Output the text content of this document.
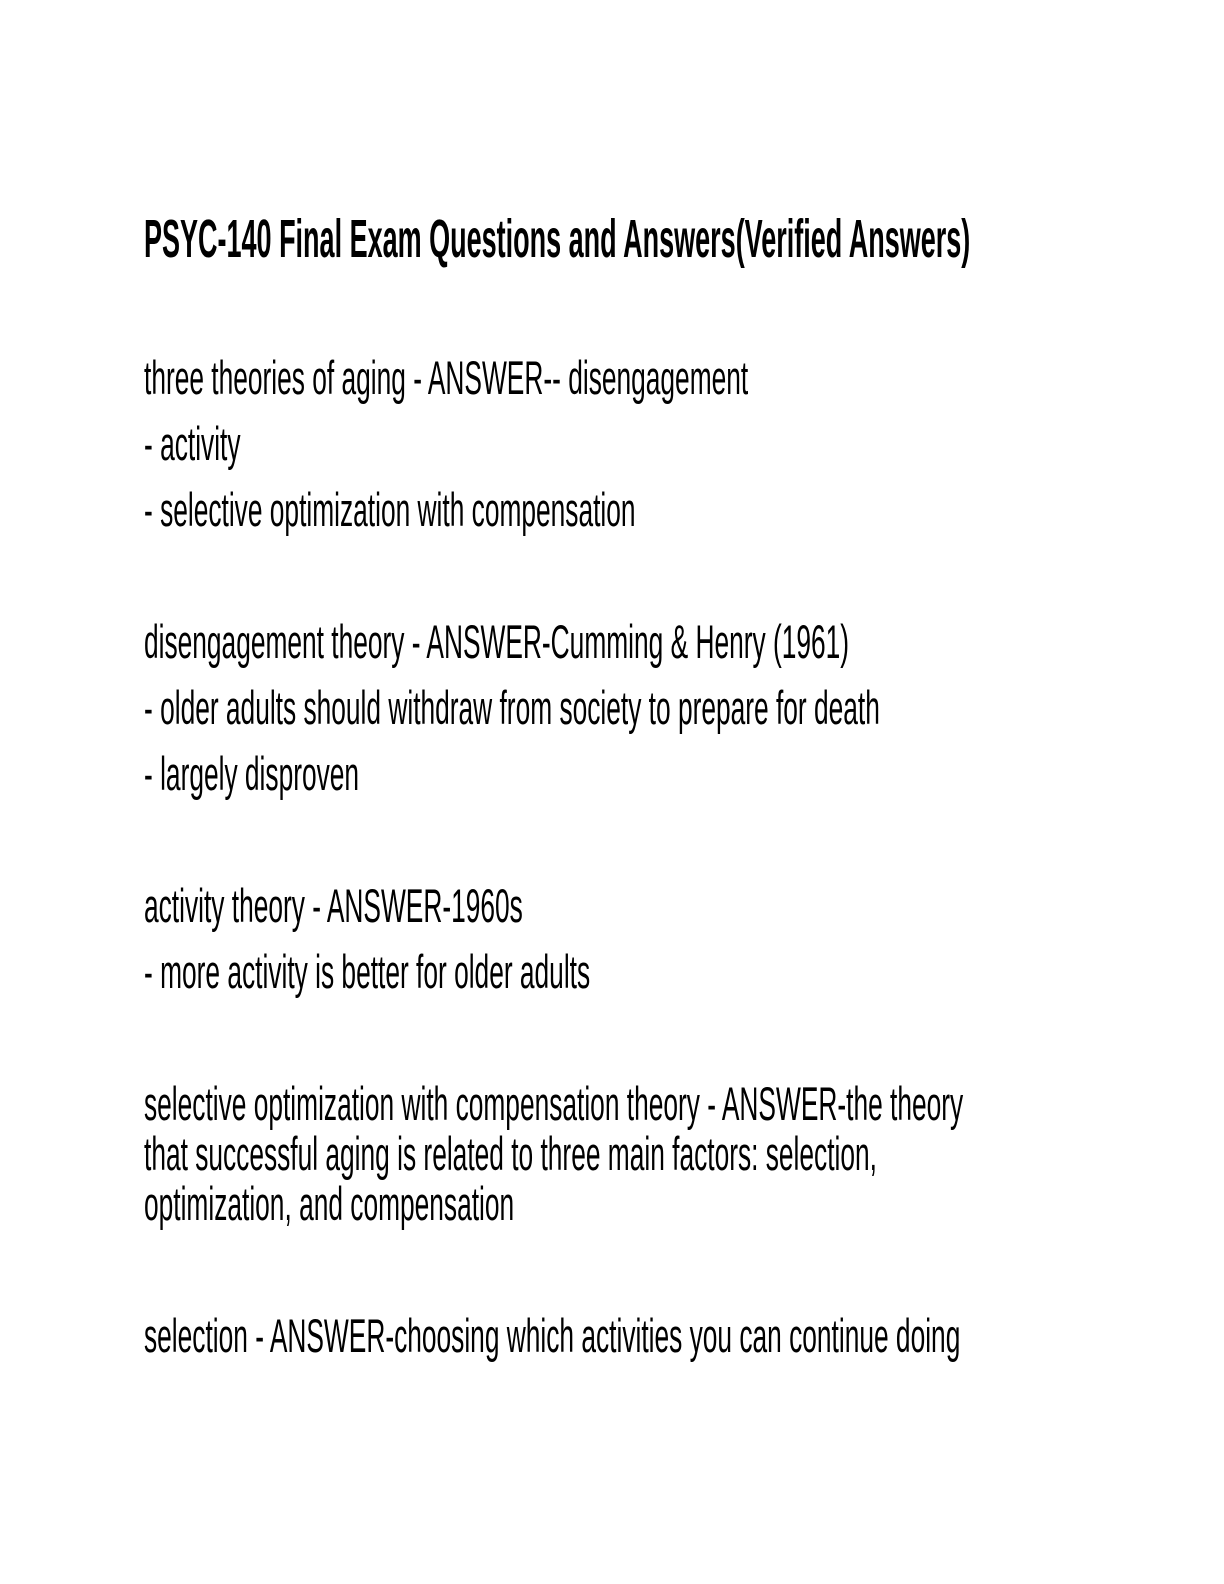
PSYC-140 Final Exam Questions and Answers(Verified Answers)

three theories of aging - ANSWER-- disengagement

- activity

- selective optimization with compensation

disengagement theory - ANSWER-Cumming & Henry (1961)

- older adults should withdraw from society to prepare for death

- largely disproven

activity theory - ANSWER-1960s

- more activity is better for older adults

selective optimization with compensation theory - ANSWER-the theory
that successful aging is related to three main factors: selection,
optimization, and compensation

selection - ANSWER-choosing which activities you can continue doing
